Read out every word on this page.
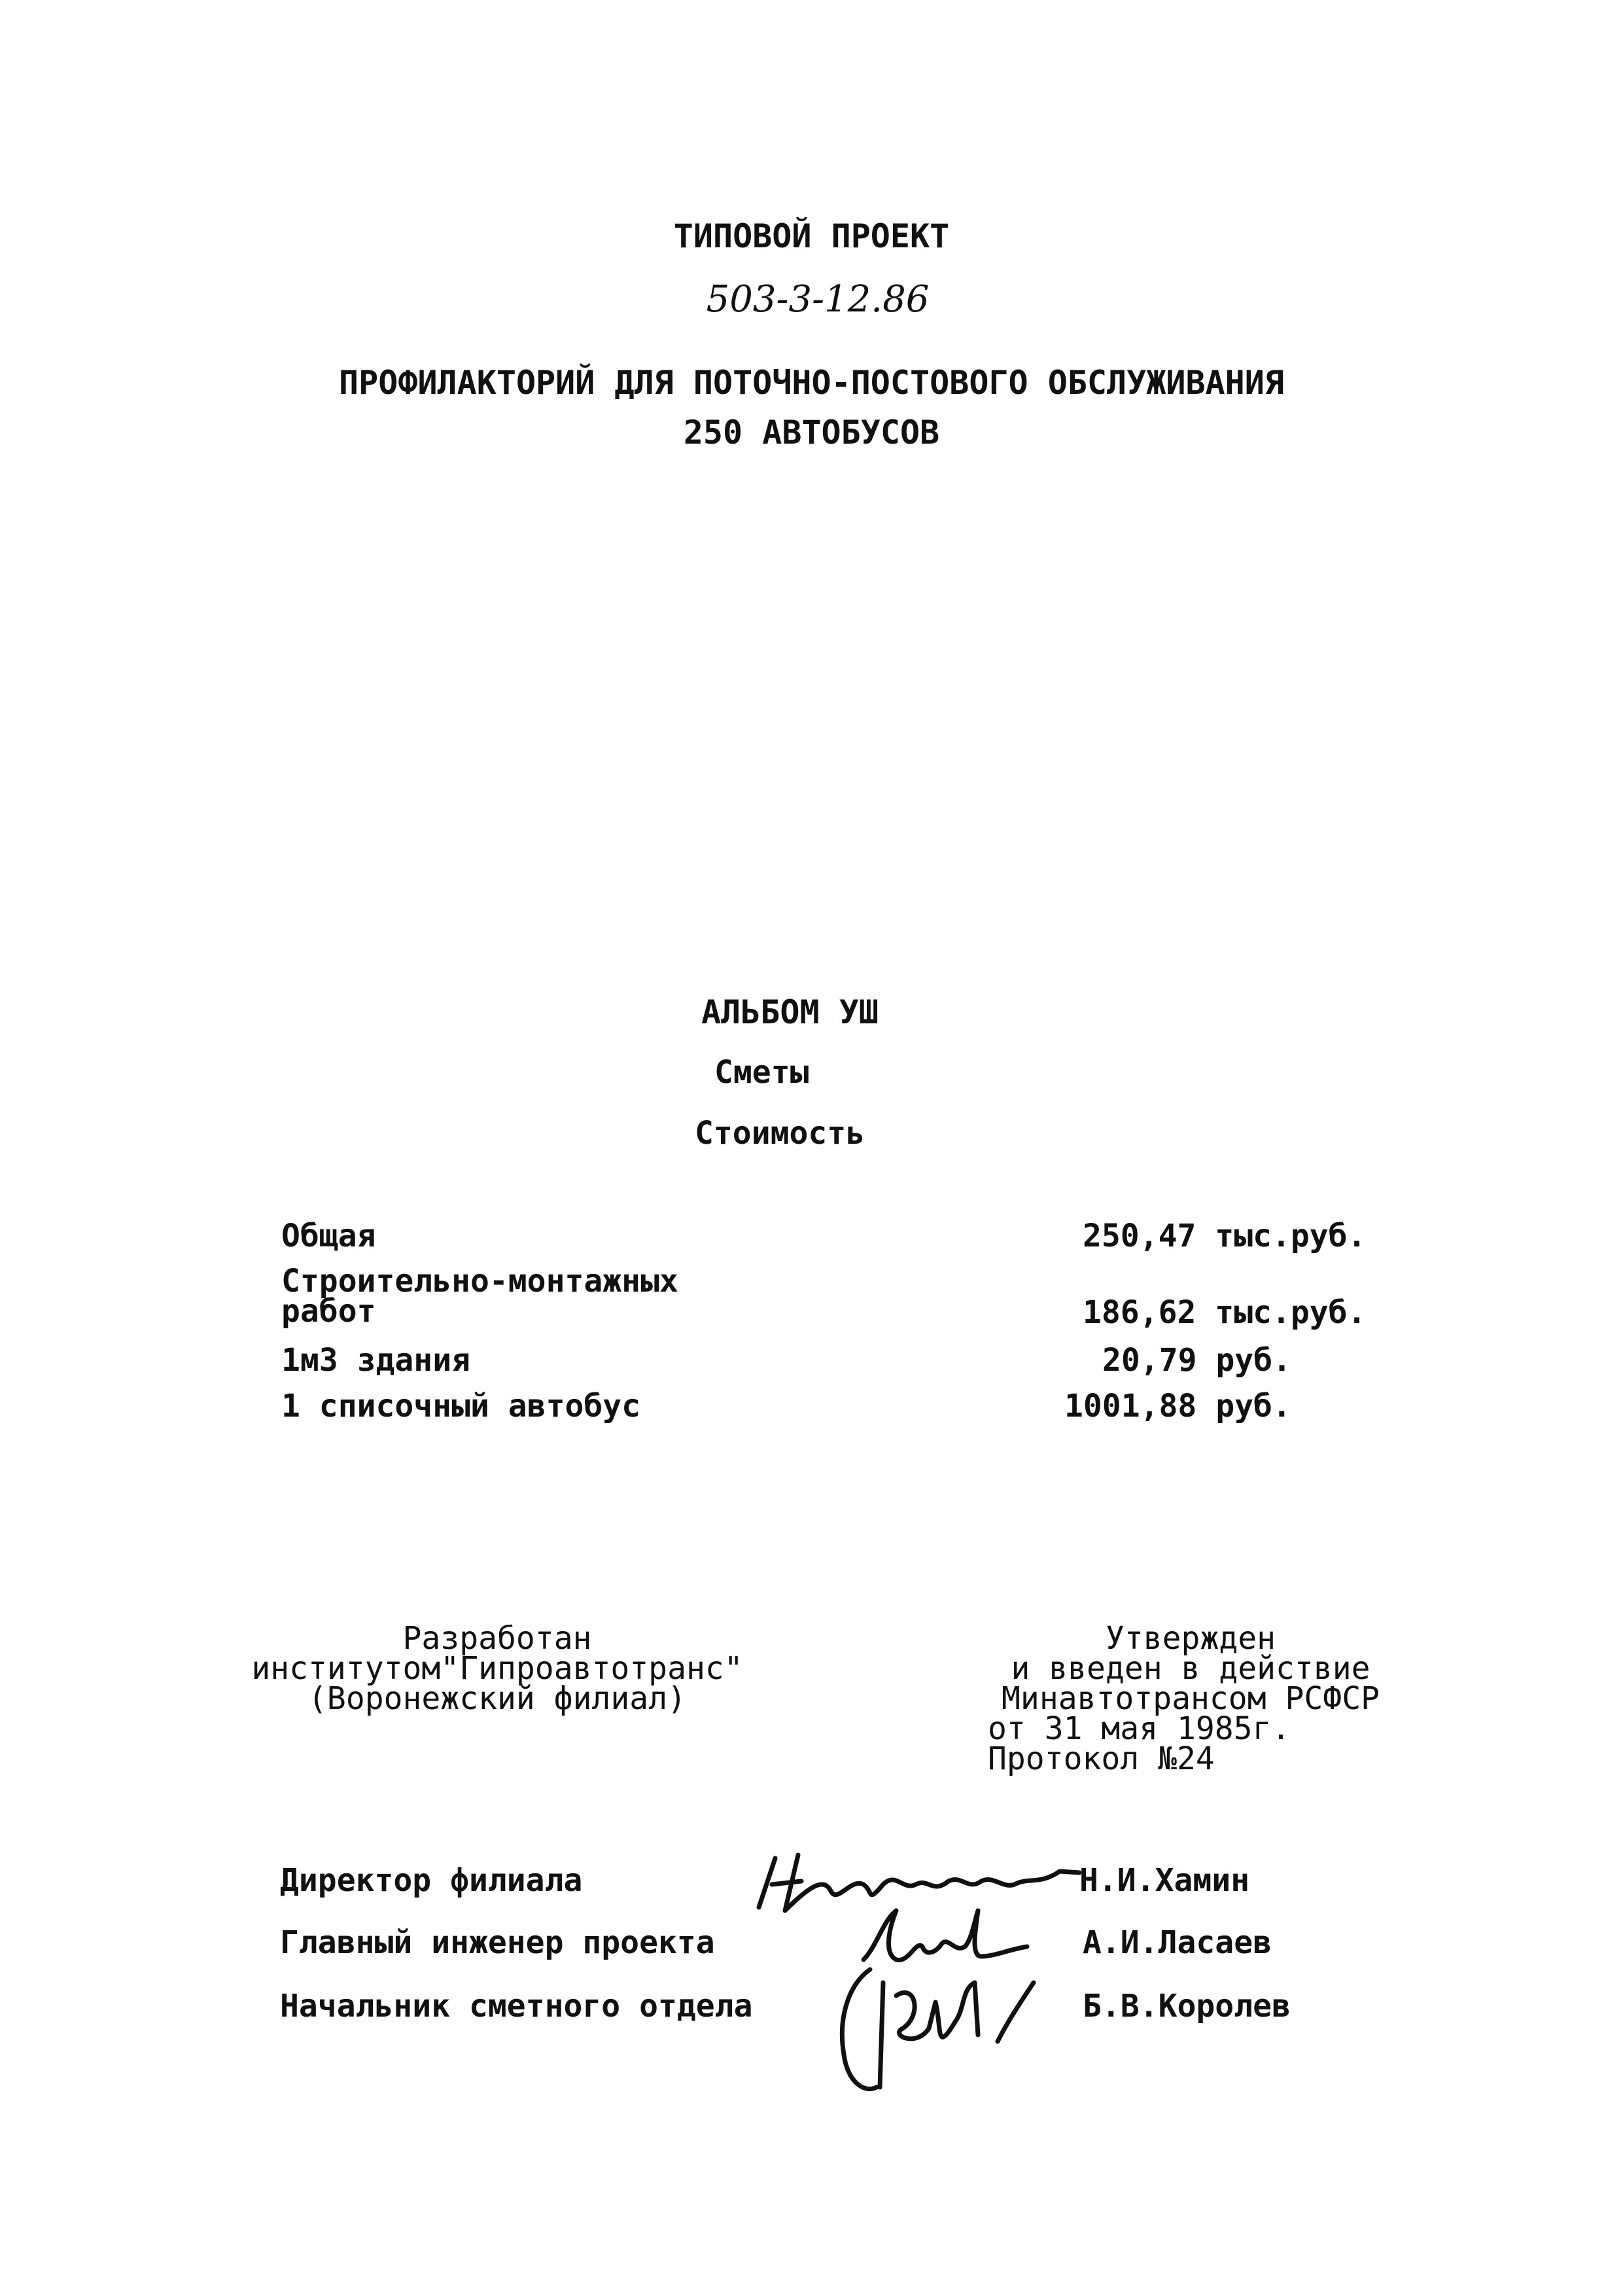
ТИПОВОЙ ПРОЕКТ
503-3-12.86
ПРОФИЛАКТОРИЙ ДЛЯ ПОТОЧНО-ПОСТОВОГО ОБСЛУЖИВАНИЯ
250 АВТОБУСОВ
АЛЬБОМ УШ
Сметы
Стоимость
Общая	250,47 тыс.руб.
Строительно-монтажных
работ	186,62 тыс.руб.
1м3 здания	20,79 руб.
1 списочный автобус	1001,88 руб.
Разработан
институтом"Гипроавтотранс"
(Воронежский филиал)
Утвержден
и введен в действие
Минавтотрансом РСФСР
от 31 мая 1985г.
Протокол №24
Директор филиала	Н.И.Хамин
Главный инженер проекта	А.И.Ласаев
Начальник сметного отдела	Б.В.Королев
